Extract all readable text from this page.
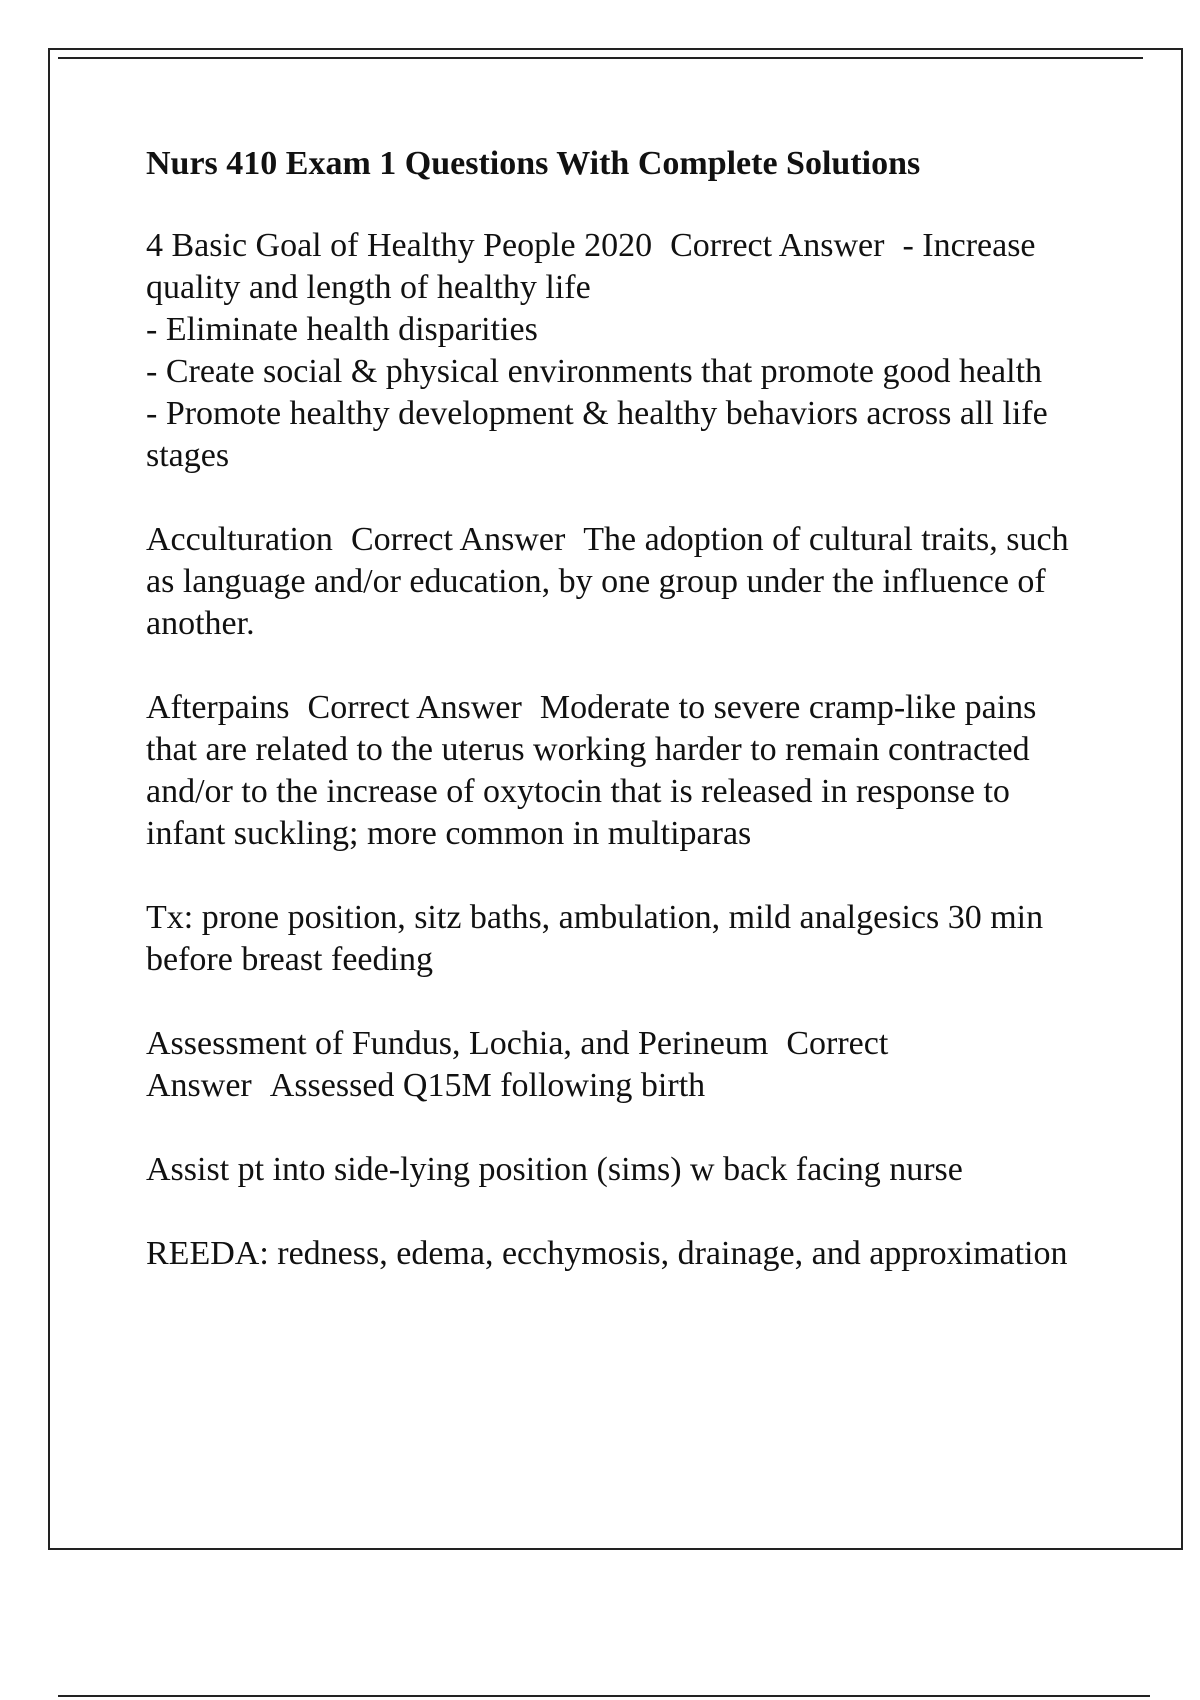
Nurs 410 Exam 1 Questions With Complete Solutions

4 Basic Goal of Healthy People 2020 Correct Answer - Increase quality and length of healthy life

- Eliminate health disparities

- Create social & physical environments that promote good health

- Promote healthy development & healthy behaviors across all life stages

Acculturation Correct Answer The adoption of cultural traits, such as language and/or education, by one group under the influence of another.

Afterpains Correct Answer Moderate to severe cramp-like pains that are related to the uterus working harder to remain contracted and/or to the increase of oxytocin that is released in response to infant suckling; more common in multiparas

Tx: prone position, sitz baths, ambulation, mild analgesics 30 min before breast feeding

Assessment of Fundus, Lochia, and Perineum Correct Answer Assessed Q15M following birth

Assist pt into side-lying position (sims) w back facing nurse
REEDA: redness, edema, ecchymosis, drainage, and approximation
